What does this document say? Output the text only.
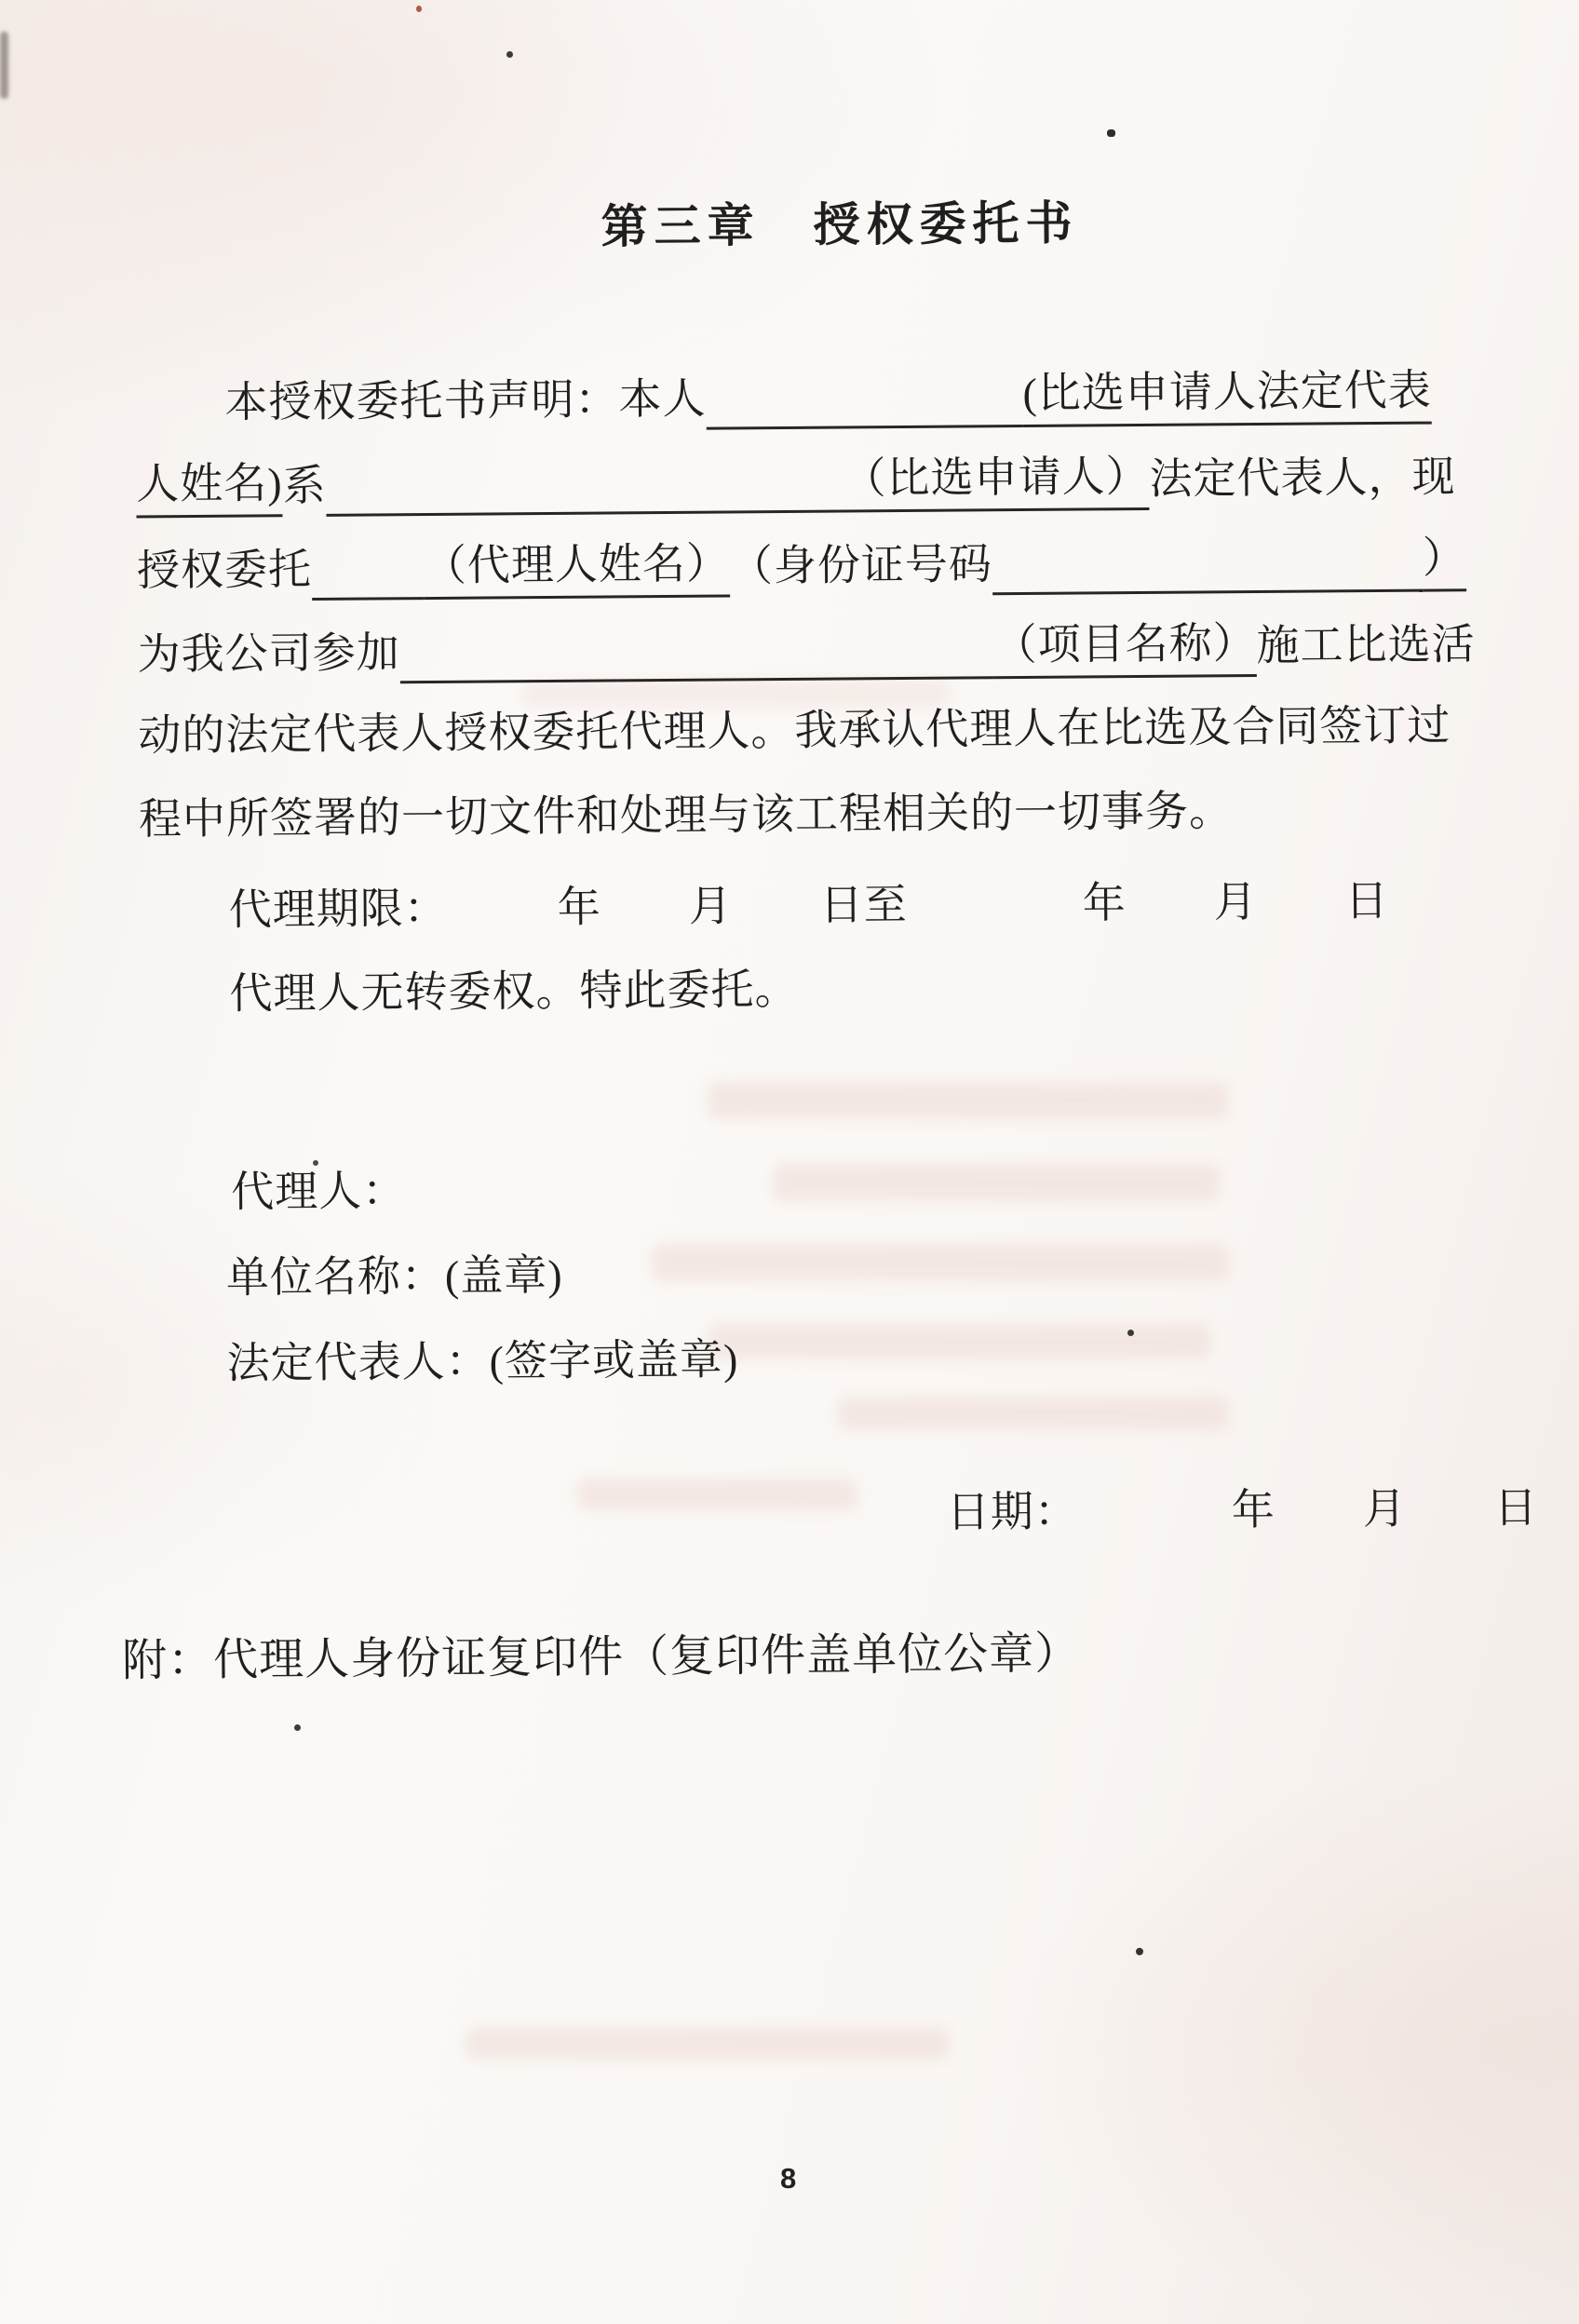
第三章　授权委托书
本授权委托书声明：本人	(比选申请人法定代表
人姓名)系	（比选申请人）法定代表人，现
授权委托	（代理人姓名）（身份证号码	）
为我公司参加	（项目名称）施工比选活
动的法定代表人授权委托代理人。我承认代理人在比选及合同签订过
程中所签署的一切文件和处理与该工程相关的一切事务。
代理期限：　　　年　　月　　日至　　　　年　　月　　日
代理人无转委权。特此委托。
代理人：
单位名称：(盖章)
法定代表人：(签字或盖章)
日期：　　　　年　　月　　日
附：代理人身份证复印件（复印件盖单位公章）
8
